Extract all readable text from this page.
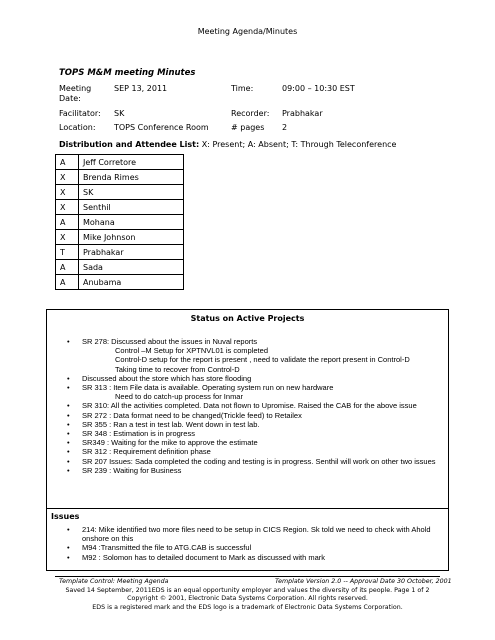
Meeting Agenda/Minutes
TOPS M&M meeting Minutes
Meeting Date:
SEP 13, 2011	Time:	09:00 – 10:30 EST
Facilitator: SK	Recorder: Prabhakar
Location: TOPS Conference Room	# pages 2
Distribution and Attendee List: X: Present; A: Absent; T: Through Teleconference
A	Jeff Corretore
X	Brenda Rimes
X	SK
X	Senthil
A	Mohana
X	Mike Johnson
T	Prabhakar
A	Sada
A	Anubama
Status on Active Projects
• SR 278: Discussed about the issues in Nuval reports
Control –M Setup for XPTNVL01 is completed
Control-D setup for the report is present , need to validate the report present in Control-D
Taking time to recover from Control-D
• Discussed about the store which has store flooding
• SR 313 : Item File data is available. Operating system run on new hardware
Need to do catch-up process for Inmar
• SR 310: All the activities completed. Data not flown to Upromise. Raised the CAB for the above issue
• SR 272 : Data format need to be changed(Trickle feed) to Retailex
• SR 355 : Ran a test in test lab. Went down in test lab.
• SR 348 : Estimation is in progress
• SR349 : Waiting for the mike to approve the estimate
• SR 312 : Requirement definition phase
• SR 207 Issues: Sada completed the coding and testing is in progress. Senthil will work on other two issues
• SR 239 : Waiting for Business
Issues
• 214: Mike identified two more files need to be setup in CICS Region. Sk told we need to check with Ahold onshore on this
• M94 :Transmitted the file to ATG.CAB is successful
• M92 : Solomon has to detailed document to Mark as discussed with mark
Template Control: Meeting Agenda	Template Version 2.0 -- Approval Date 30 October, 2001
Saved 14 September, 2011EDS is an equal opportunity employer and values the diversity of its people. Page 1 of 2
Copyright © 2001, Electronic Data Systems Corporation. All rights reserved.
EDS is a registered mark and the EDS logo is a trademark of Electronic Data Systems Corporation.
